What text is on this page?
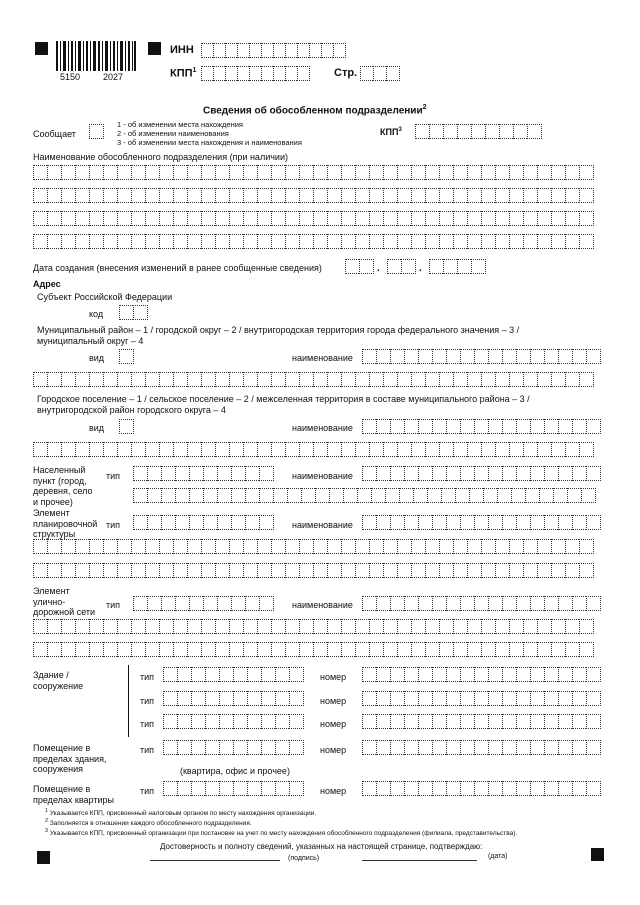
5150	2027
ИНН
КПП$^1$	Стр.
Сведения об обособленном подразделении$^2$
Сообщает
1 - об изменении места нахождения
2 - об изменении наименования
3 - об изменении места нахождения и наименования
КПП$^3$
Наименование обособленного подразделения (при наличии)
Дата создания (внесения изменений в ранее сообщенные сведения)	.	.
Адрес
Субъект Российской Федерации
код
Муниципальный район – 1 / городской округ – 2 / внутригородская территория города федерального значения – 3 /
муниципальный округ – 4
вид	наименование
Городское поселение – 1 / сельское поселение – 2 / межселенная территория в составе муниципального района – 3 /
внутригородской район городского округа – 4
вид	наименование
Населенный
пункт (город,
деревня, село
и прочее)
тип	наименование
Элемент
планировочной
структуры
тип	наименование
Элемент
улично-
дорожной сети
тип	наименование
Здание /
сооружение
тип	номер
тип	номер
тип	номер
Помещение в
пределах здания,
сооружения
тип	номер
(квартира, офис и прочее)
Помещение в
пределах квартиры
тип	номер
$^1$ Указывается КПП, присвоенный налоговым органом по месту нахождения организации.
$^2$ Заполняется в отношении каждого обособленного подразделения.
$^3$ Указывается КПП, присвоенный организации при постановке на учет по месту нахождения обособленного подразделения (филиала, представительства).
Достоверность и полноту сведений, указанных на настоящей странице, подтверждаю:
(подпись)	(дата)
